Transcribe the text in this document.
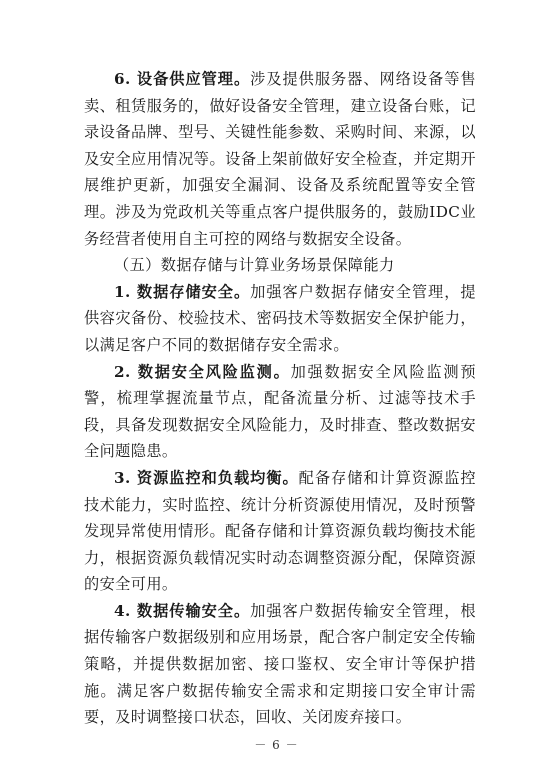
6. 设备供应管理。涉及提供服务器、网络设备等售卖、租赁服务的，做好设备安全管理，建立设备台账，记录设备品牌、型号、关键性能参数、采购时间、来源，以及安全应用情况等。设备上架前做好安全检查，并定期开展维护更新，加强安全漏洞、设备及系统配置等安全管理。涉及为党政机关等重点客户提供服务的，鼓励IDC业务经营者使用自主可控的网络与数据安全设备。

（五）数据存储与计算业务场景保障能力

1. 数据存储安全。加强客户数据存储安全管理，提供容灾备份、校验技术、密码技术等数据安全保护能力，以满足客户不同的数据储存安全需求。

2. 数据安全风险监测。加强数据安全风险监测预警，梳理掌握流量节点，配备流量分析、过滤等技术手段，具备发现数据安全风险能力，及时排查、整改数据安全问题隐患。

3. 资源监控和负载均衡。配备存储和计算资源监控技术能力，实时监控、统计分析资源使用情况，及时预警发现异常使用情形。配备存储和计算资源负载均衡技术能力，根据资源负载情况实时动态调整资源分配，保障资源的安全可用。

4. 数据传输安全。加强客户数据传输安全管理，根据传输客户数据级别和应用场景，配合客户制定安全传输策略，并提供数据加密、接口鉴权、安全审计等保护措施。满足客户数据传输安全需求和定期接口安全审计需要，及时调整接口状态，回收、关闭废弃接口。

－ 6 －
